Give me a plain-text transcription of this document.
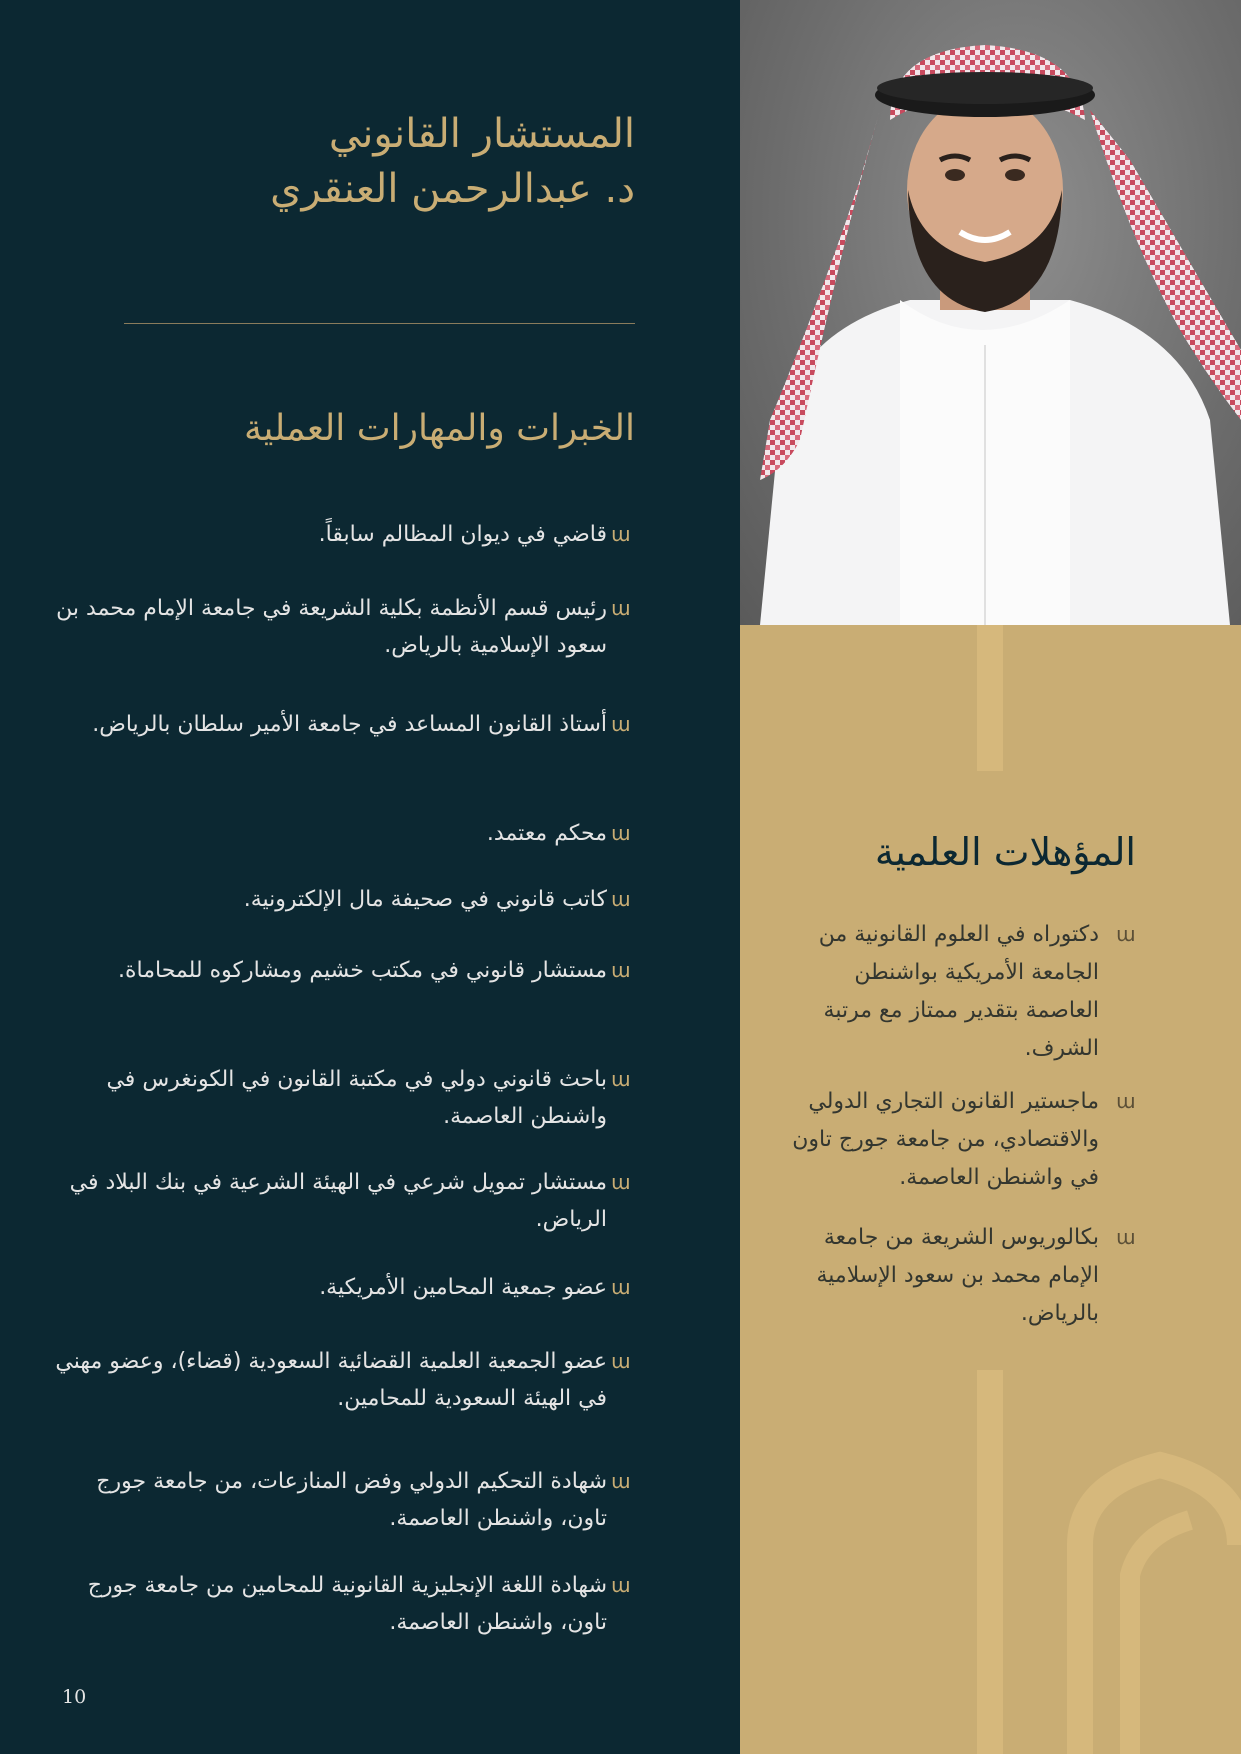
المستشار القانوني
د. عبدالرحمن العنقري
الخبرات والمهارات العملية
قاضي في ديوان المظالم سابقاً. ɯ
رئيس قسم الأنظمة بكلية الشريعة في جامعة الإمام محمد بن سعود الإسلامية بالرياض.
ɯ
أستاذ القانون المساعد في جامعة الأمير سلطان بالرياض. ɯ
محكم معتمد. ɯ
كاتب قانوني في صحيفة مال الإلكترونية. ɯ
مستشار قانوني في مكتب خشيم ومشاركوه للمحاماة. ɯ
باحث قانوني دولي في مكتبة القانون في الكونغرس في واشنطن العاصمة.
ɯ
مستشار تمويل شرعي في الهيئة الشرعية في بنك البلاد في الرياض.
ɯ
عضو جمعية المحامين الأمريكية. ɯ
عضو الجمعية العلمية القضائية السعودية (قضاء)، وعضو مهني في الهيئة السعودية للمحامين.
ɯ
شهادة التحكيم الدولي وفض المنازعات، من جامعة جورج تاون، واشنطن العاصمة.
ɯ
شهادة اللغة الإنجليزية القانونية للمحامين من جامعة جورج تاون، واشنطن العاصمة.
ɯ
المؤهلات العلمية
دكتوراه في العلوم القانونية من الجامعة الأمريكية بواشنطن العاصمة بتقدير ممتاز مع مرتبة الشرف.
ɯ
ماجستير القانون التجاري الدولي والاقتصادي، من جامعة جورج تاون في واشنطن العاصمة.
ɯ
بكالوريوس الشريعة من جامعة الإمام محمد بن سعود الإسلامية بالرياض.
ɯ
10
